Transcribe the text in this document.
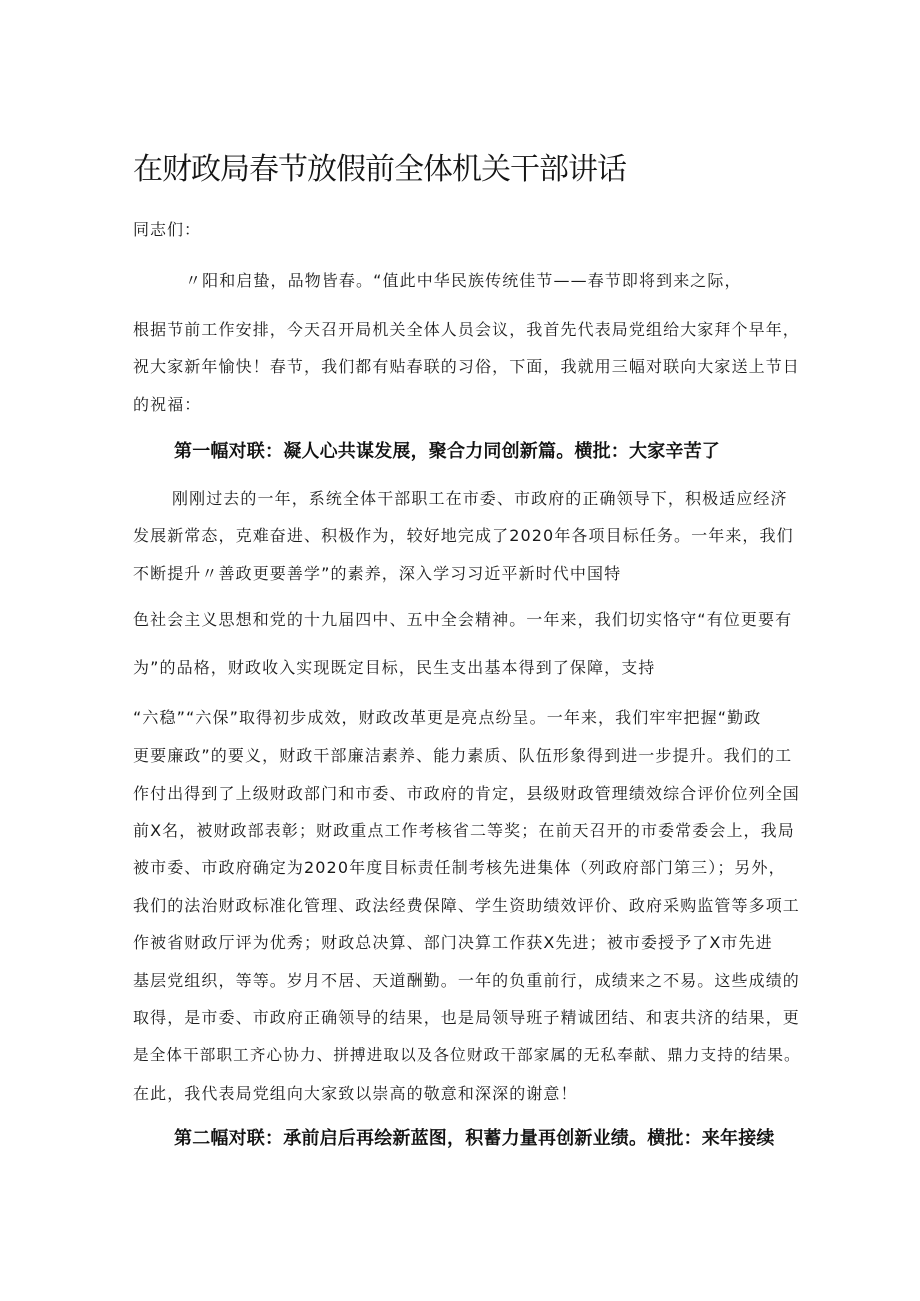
在财政局春节放假前全体机关干部讲话
同志们：
〃阳和启蛰，品物皆春。“值此中华民族传统佳节——春节即将到来之际，
根据节前工作安排，今天召开局机关全体人员会议，我首先代表局党组给大家拜个早年，
祝大家新年愉快！春节，我们都有贴春联的习俗，下面，我就用三幅对联向大家送上节日
的祝福：
第一幅对联：凝人心共谋发展，聚合力同创新篇。横批：大家辛苦了
刚刚过去的一年，系统全体干部职工在市委、市政府的正确领导下，积极适应经济
发展新常态，克难奋进、积极作为，较好地完成了2020年各项目标任务。一年来，我们
不断提升〃善政更要善学”的素养，深入学习习近平新时代中国特
色社会主义思想和党的十九届四中、五中全会精神。一年来，我们切实恪守“有位更要有
为”的品格，财政收入实现既定目标，民生支出基本得到了保障，支持
“六稳”“六保”取得初步成效，财政改革更是亮点纷呈。一年来，我们牢牢把握“勤政
更要廉政”的要义，财政干部廉洁素养、能力素质、队伍形象得到进一步提升。我们的工
作付出得到了上级财政部门和市委、市政府的肯定，县级财政管理绩效综合评价位列全国
前X名，被财政部表彰；财政重点工作考核省二等奖；在前天召开的市委常委会上，我局
被市委、市政府确定为2020年度目标责任制考核先进集体（列政府部门第三）；另外，
我们的法治财政标准化管理、政法经费保障、学生资助绩效评价、政府采购监管等多项工
作被省财政厅评为优秀；财政总决算、部门决算工作获X先进；被市委授予了X市先进
基层党组织，等等。岁月不居、天道酬勤。一年的负重前行，成绩来之不易。这些成绩的
取得，是市委、市政府正确领导的结果，也是局领导班子精诚团结、和衷共济的结果，更
是全体干部职工齐心协力、拼搏进取以及各位财政干部家属的无私奉献、鼎力支持的结果。
在此，我代表局党组向大家致以崇高的敬意和深深的谢意！
第二幅对联：承前启后再绘新蓝图，积蓄力量再创新业绩。横批：来年接续
